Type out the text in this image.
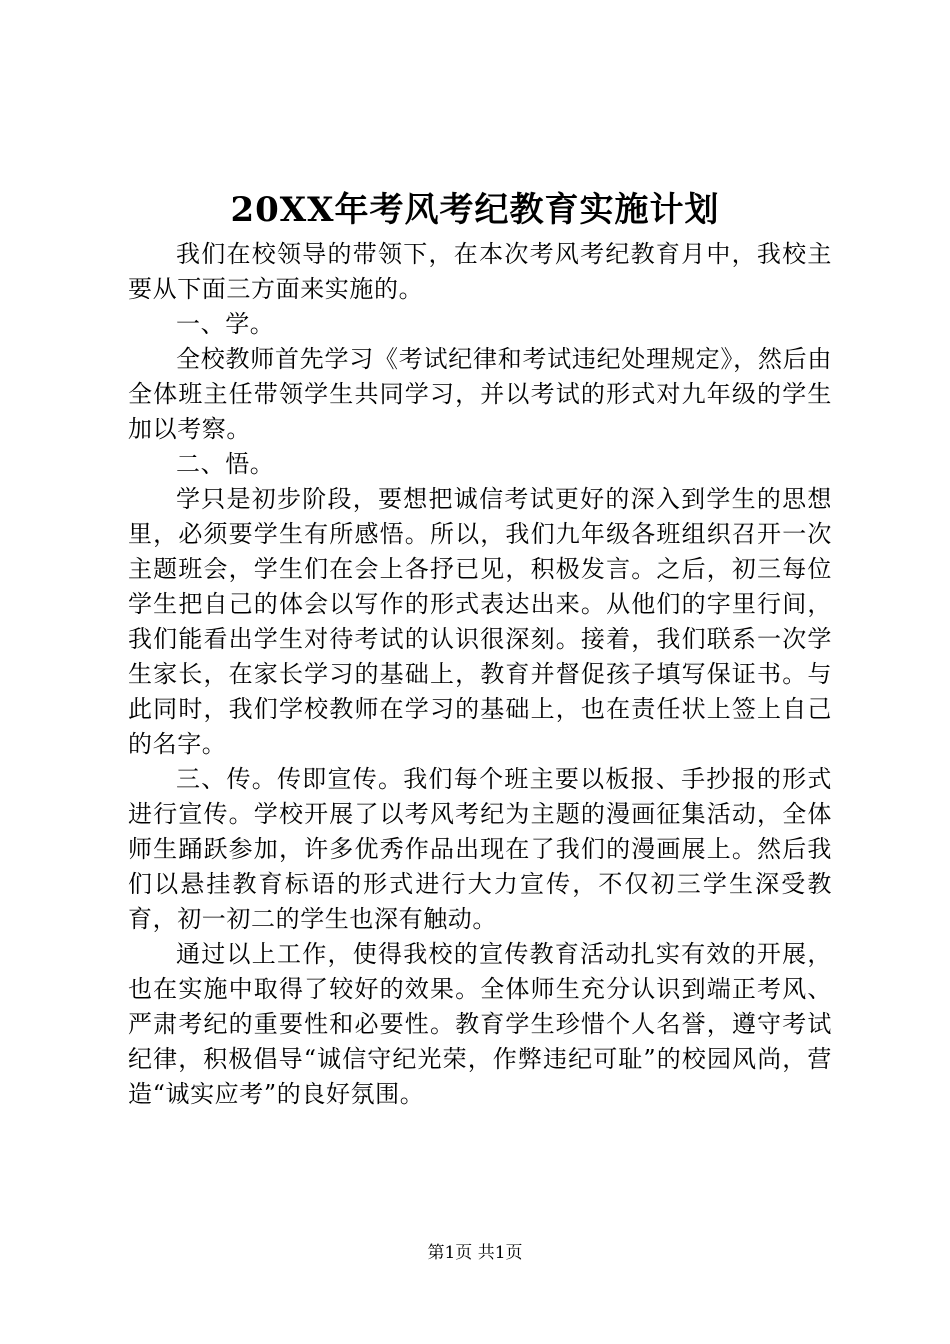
20XX年考风考纪教育实施计划

我们在校领导的带领下，在本次考风考纪教育月中，我校主要从下面三方面来实施的。

一、学。

全校教师首先学习《考试纪律和考试违纪处理规定》，然后由全体班主任带领学生共同学习，并以考试的形式对九年级的学生加以考察。

二、悟。

学只是初步阶段，要想把诚信考试更好的深入到学生的思想里，必须要学生有所感悟。所以，我们九年级各班组织召开一次主题班会，学生们在会上各抒已见，积极发言。之后，初三每位学生把自己的体会以写作的形式表达出来。从他们的字里行间，我们能看出学生对待考试的认识很深刻。接着，我们联系一次学生家长，在家长学习的基础上，教育并督促孩子填写保证书。与此同时，我们学校教师在学习的基础上，也在责任状上签上自己的名字。

三、传。传即宣传。我们每个班主要以板报、手抄报的形式进行宣传。学校开展了以考风考纪为主题的漫画征集活动，全体师生踊跃参加，许多优秀作品出现在了我们的漫画展上。然后我们以悬挂教育标语的形式进行大力宣传，不仅初三学生深受教育，初一初二的学生也深有触动。

通过以上工作，使得我校的宣传教育活动扎实有效的开展，也在实施中取得了较好的效果。全体师生充分认识到端正考风、严肃考纪的重要性和必要性。教育学生珍惜个人名誉，遵守考试纪律，积极倡导“诚信守纪光荣，作弊违纪可耻”的校园风尚，营造“诚实应考”的良好氛围。

第1页 共1页
